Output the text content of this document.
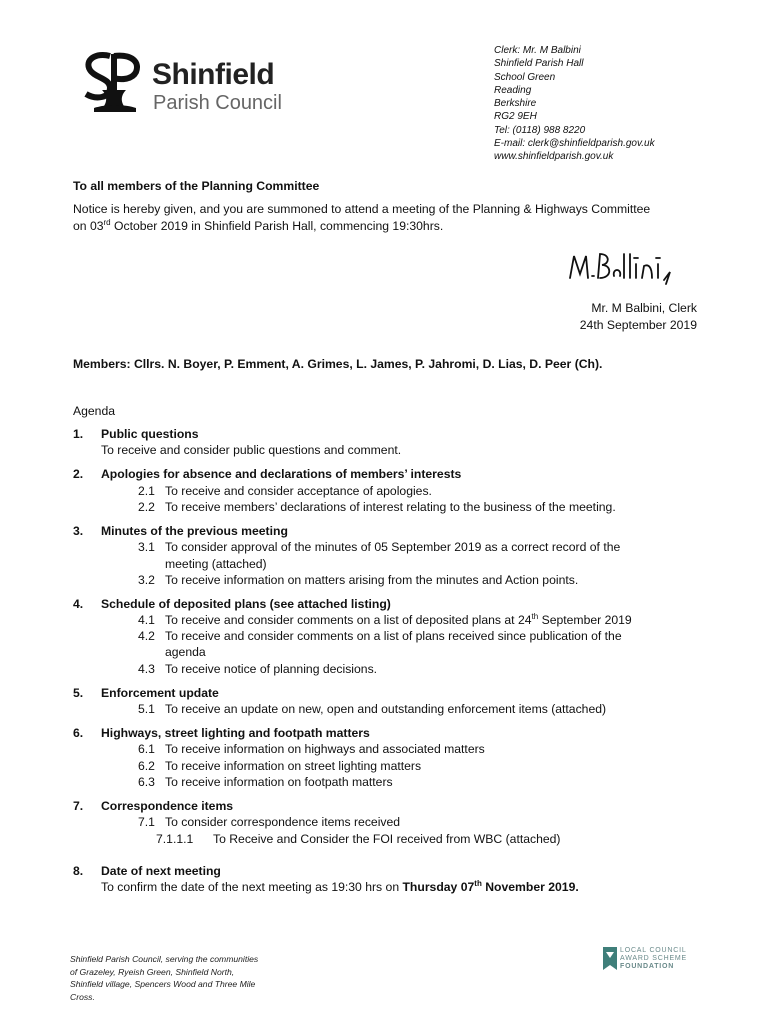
Shinfield
Parish Council
Clerk: Mr. M Balbini
Shinfield Parish Hall
School Green
Reading
Berkshire
RG2 9EH
Tel: (0118) 988 8220
E-mail: clerk@shinfieldparish.gov.uk
www.shinfieldparish.gov.uk
To all members of the Planning Committee
Notice is hereby given, and you are summoned to attend a meeting of the Planning & Highways Committee
on 03rd October 2019 in Shinfield Parish Hall, commencing 19:30hrs.
Mr. M Balbini, Clerk
24th September 2019
Members: Cllrs. N. Boyer, P. Emment, A. Grimes, L. James, P. Jahromi, D. Lias, D. Peer (Ch).
Agenda
1. Public questions
To receive and consider public questions and comment.
2. Apologies for absence and declarations of members’ interests
2.1 To receive and consider acceptance of apologies.
2.2 To receive members’ declarations of interest relating to the business of the meeting.
3. Minutes of the previous meeting
3.1 To consider approval of the minutes of 05 September 2019 as a correct record of the
meeting (attached)
3.2 To receive information on matters arising from the minutes and Action points.
4. Schedule of deposited plans (see attached listing)
4.1 To receive and consider comments on a list of deposited plans at 24th September 2019
4.2 To receive and consider comments on a list of plans received since publication of the
agenda
4.3 To receive notice of planning decisions.
5. Enforcement update
5.1 To receive an update on new, open and outstanding enforcement items (attached)
6. Highways, street lighting and footpath matters
6.1 To receive information on highways and associated matters
6.2 To receive information on street lighting matters
6.3 To receive information on footpath matters
7. Correspondence items
7.1 To consider correspondence items received
7.1.1.1 To Receive and Consider the FOI received from WBC (attached)
8. Date of next meeting
To confirm the date of the next meeting as 19:30 hrs on Thursday 07th November 2019.
Shinfield Parish Council, serving the communities
of Grazeley, Ryeish Green, Shinfield North,
Shinfield village, Spencers Wood and Three Mile
Cross.
LOCAL COUNCIL
AWARD SCHEME
FOUNDATION
